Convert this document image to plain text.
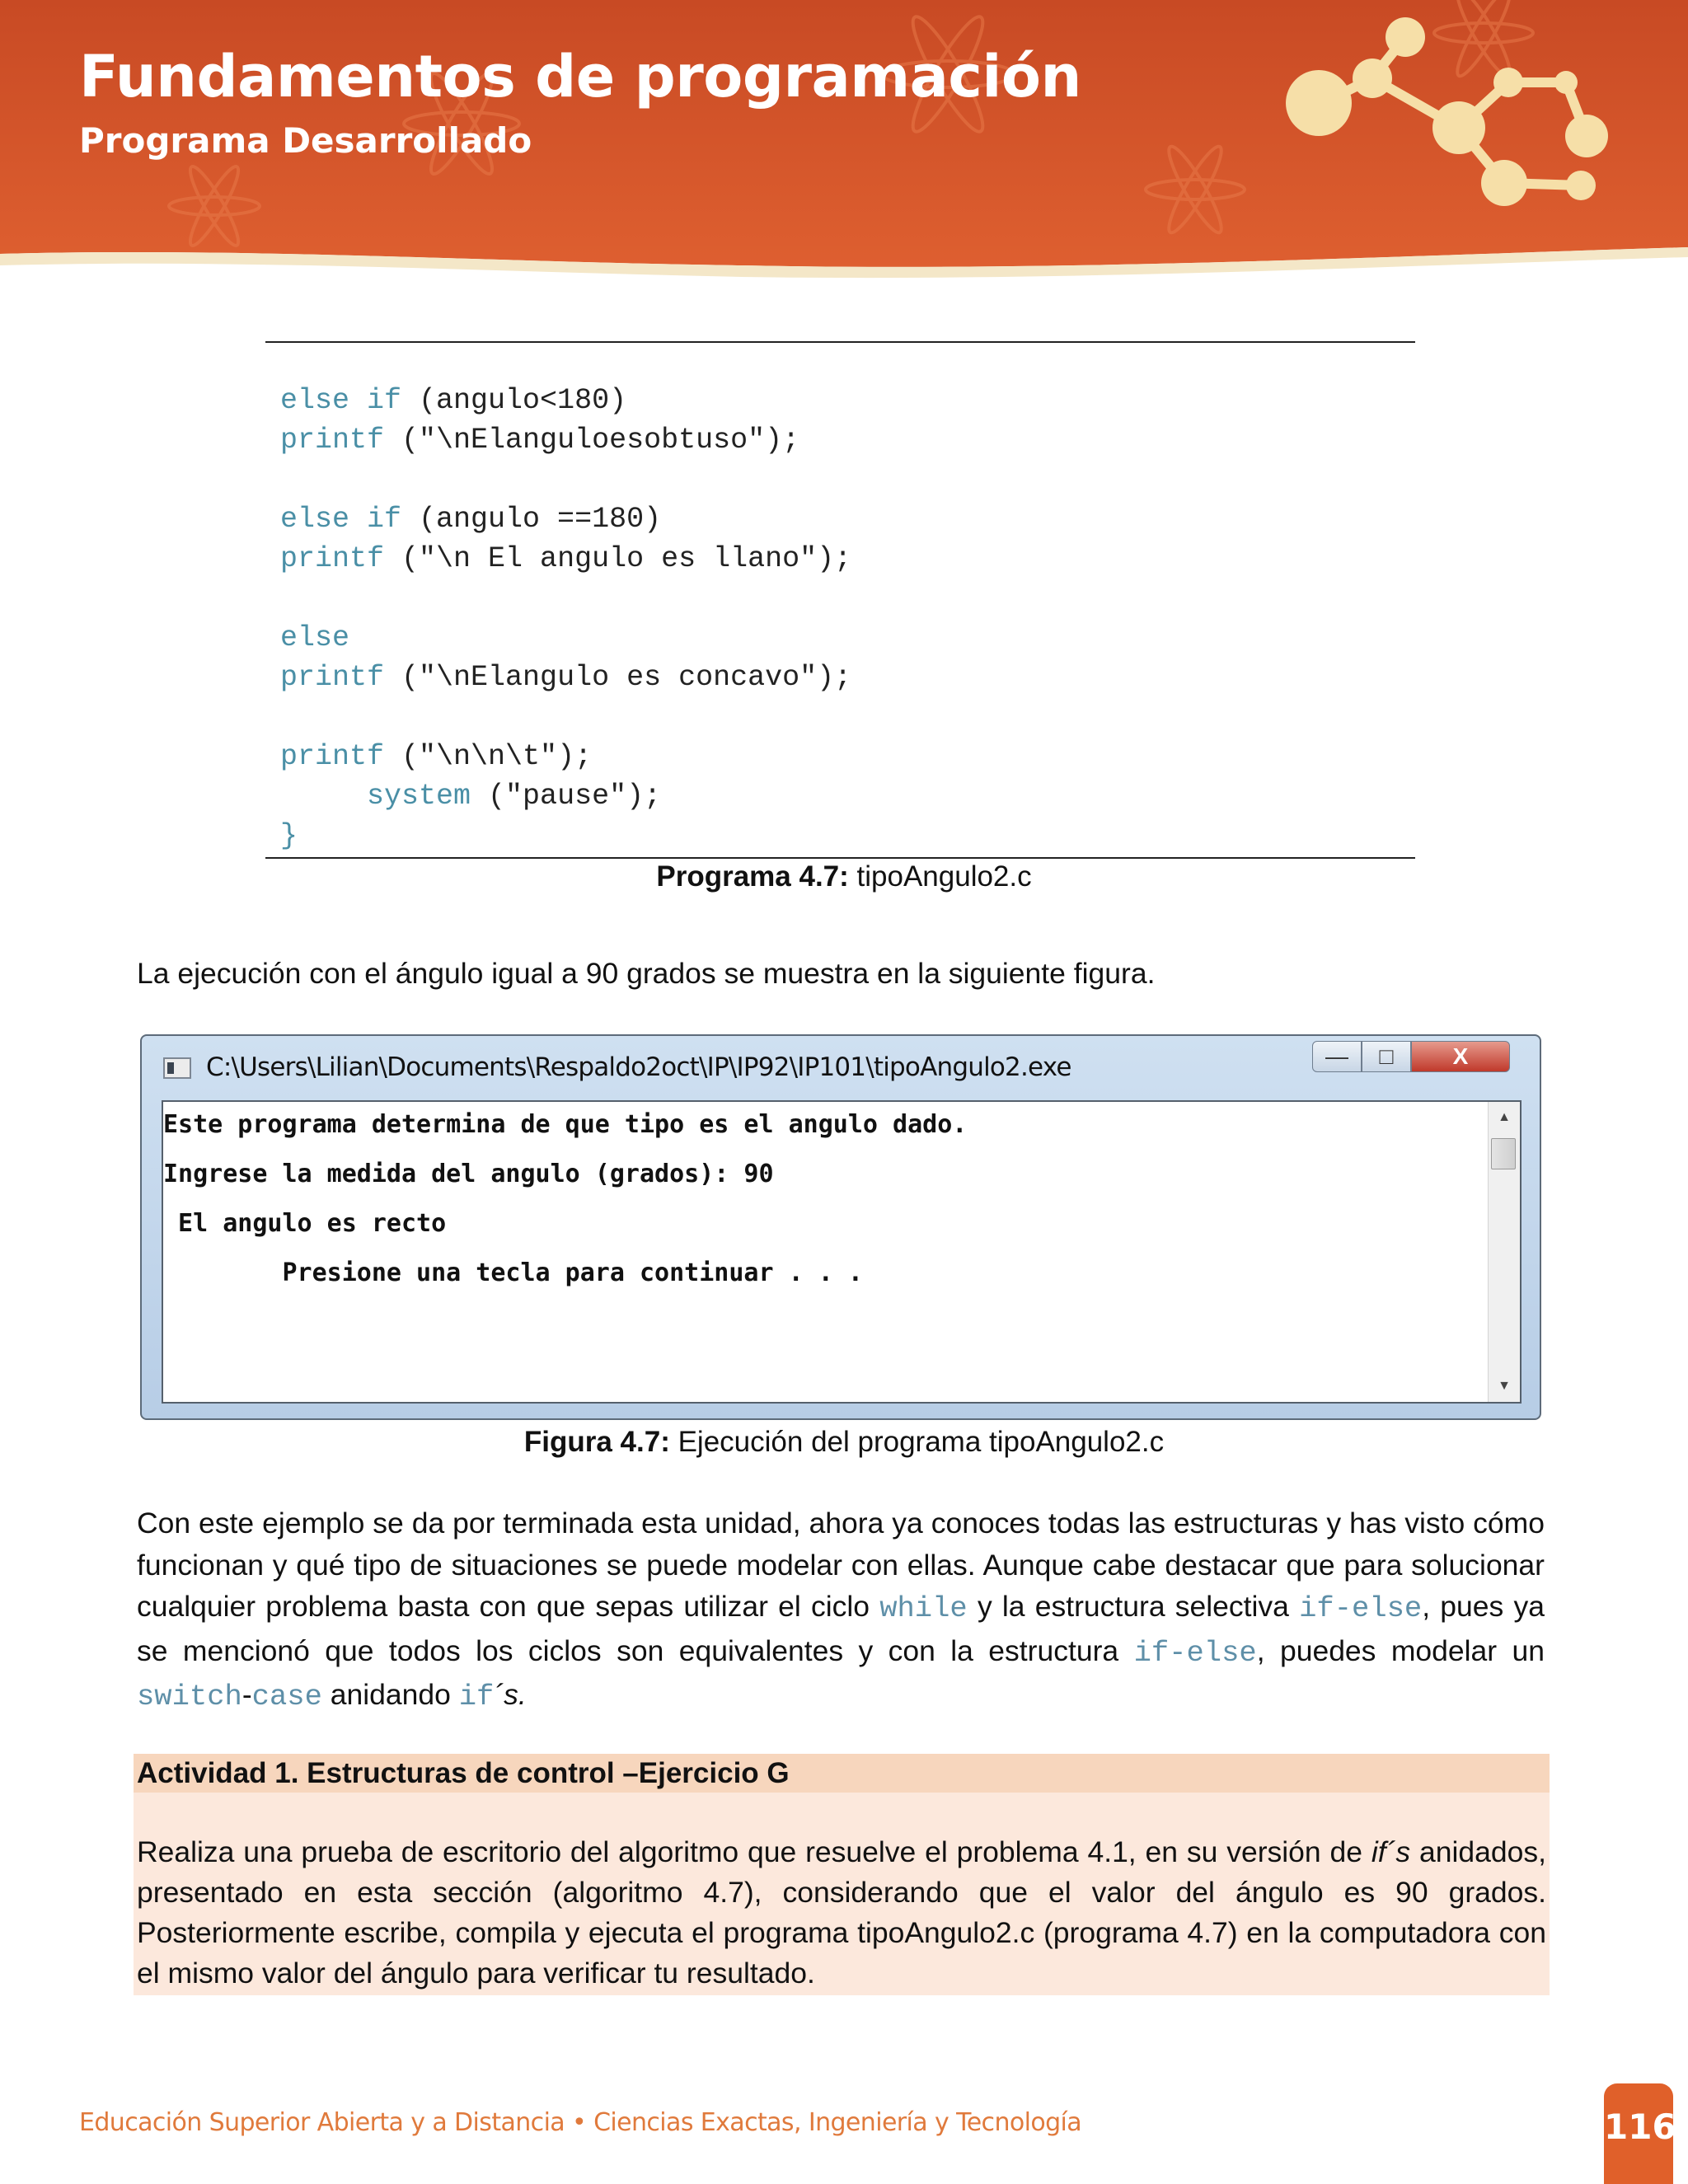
Fundamentos de programación
Programa Desarrollado
else if (angulo<180)
printf ("\nElanguloesobtuso");
else if (angulo ==180)
printf ("\n El angulo es llano");
else
printf ("\nElangulo es concavo");
printf ("\n\n\t");
system ("pause");
}
Programa 4.7: tipoAngulo2.c
La ejecución con el ángulo igual a 90 grados se muestra en la siguiente figura.
C:\Users\Lilian\Documents\Respaldo2oct\IP\IP92\IP101\tipoAngulo2.exe	—	□	X
Este programa determina de que tipo es el angulo dado.
Ingrese la medida del angulo (grados): 90
El angulo es recto
Presione una tecla para continuar . . .
▲
▼
Figura 4.7: Ejecución del programa tipoAngulo2.c
Con este ejemplo se da por terminada esta unidad, ahora ya conoces todas las estructuras y has visto cómo funcionan y qué tipo de situaciones se puede modelar con ellas. Aunque cabe destacar que para solucionar cualquier problema basta con que sepas utilizar el ciclo while y la estructura selectiva if-else, pues ya se mencionó que todos los ciclos son equivalentes y con la estructura if-else, puedes modelar un switch-case anidando if´s.
Actividad 1. Estructuras de control –Ejercicio G
Realiza una prueba de escritorio del algoritmo que resuelve el problema 4.1, en su versión de if´s anidados, presentado en esta sección (algoritmo 4.7), considerando que el valor del ángulo es 90 grados. Posteriormente escribe, compila y ejecuta el programa tipoAngulo2.c (programa 4.7) en la computadora con el mismo valor del ángulo para verificar tu resultado.
Educación Superior Abierta y a Distancia • Ciencias Exactas, Ingeniería y Tecnología	116
